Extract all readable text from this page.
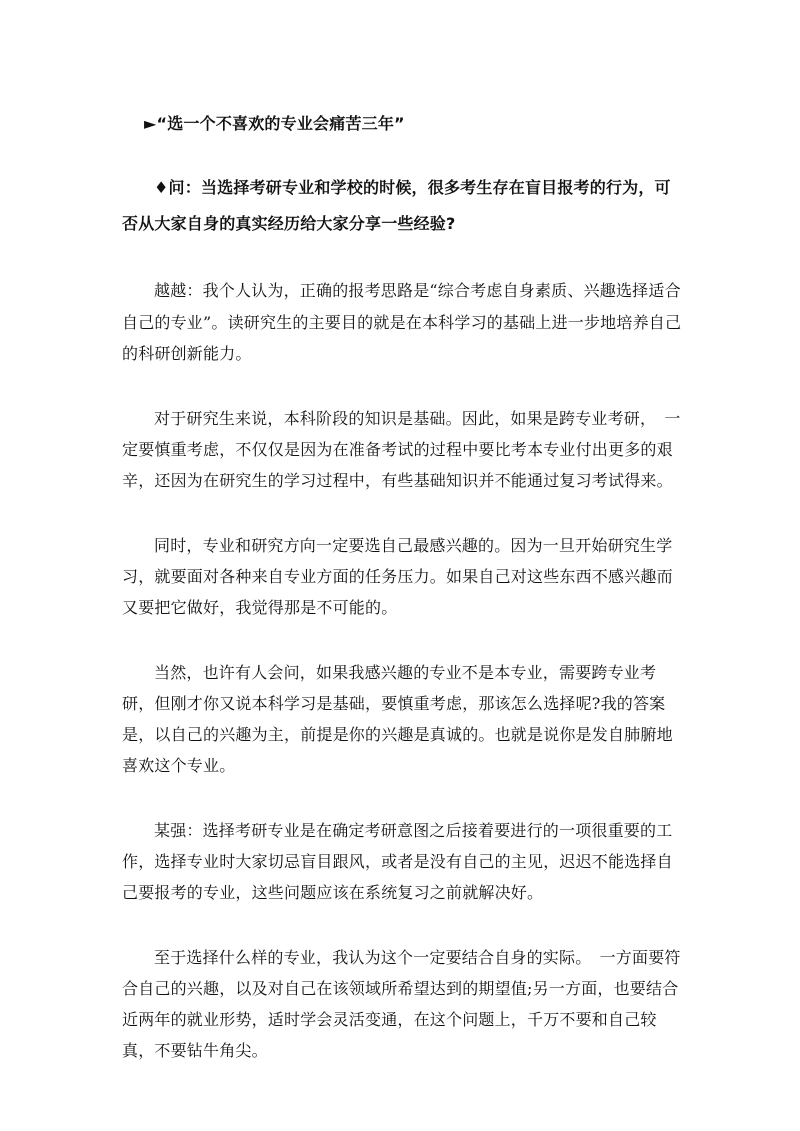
►“选一个不喜欢的专业会痛苦三年”
♦问：当选择考研专业和学校的时候，很多考生存在盲目报考的行为，可
否从大家自身的真实经历给大家分享一些经验?
越越：我个人认为，正确的报考思路是“综合考虑自身素质、兴趣选择适合
自己的专业”。读研究生的主要目的就是在本科学习的基础上进一步地培养自己
的科研创新能力。
对于研究生来说，本科阶段的知识是基础。因此，如果是跨专业考研，　一
定要慎重考虑，不仅仅是因为在准备考试的过程中要比考本专业付出更多的艰
辛，还因为在研究生的学习过程中，有些基础知识并不能通过复习考试得来。
同时，专业和研究方向一定要选自己最感兴趣的。因为一旦开始研究生学
习，就要面对各种来自专业方面的任务压力。如果自己对这些东西不感兴趣而
又要把它做好，我觉得那是不可能的。
当然，也许有人会问，如果我感兴趣的专业不是本专业，需要跨专业考
研，但刚才你又说本科学习是基础，要慎重考虑，那该怎么选择呢?我的答案
是，以自己的兴趣为主，前提是你的兴趣是真诚的。也就是说你是发自肺腑地
喜欢这个专业。
某强：选择考研专业是在确定考研意图之后接着要进行的一项很重要的工
作，选择专业时大家切忌盲目跟风，或者是没有自己的主见，迟迟不能选择自
己要报考的专业，这些问题应该在系统复习之前就解决好。
至于选择什么样的专业，我认为这个一定要结合自身的实际。　一方面要符
合自己的兴趣，以及对自己在该领域所希望达到的期望值;另一方面，也要结合
近两年的就业形势，适时学会灵活变通，在这个问题上，千万不要和自己较
真，不要钻牛角尖。
